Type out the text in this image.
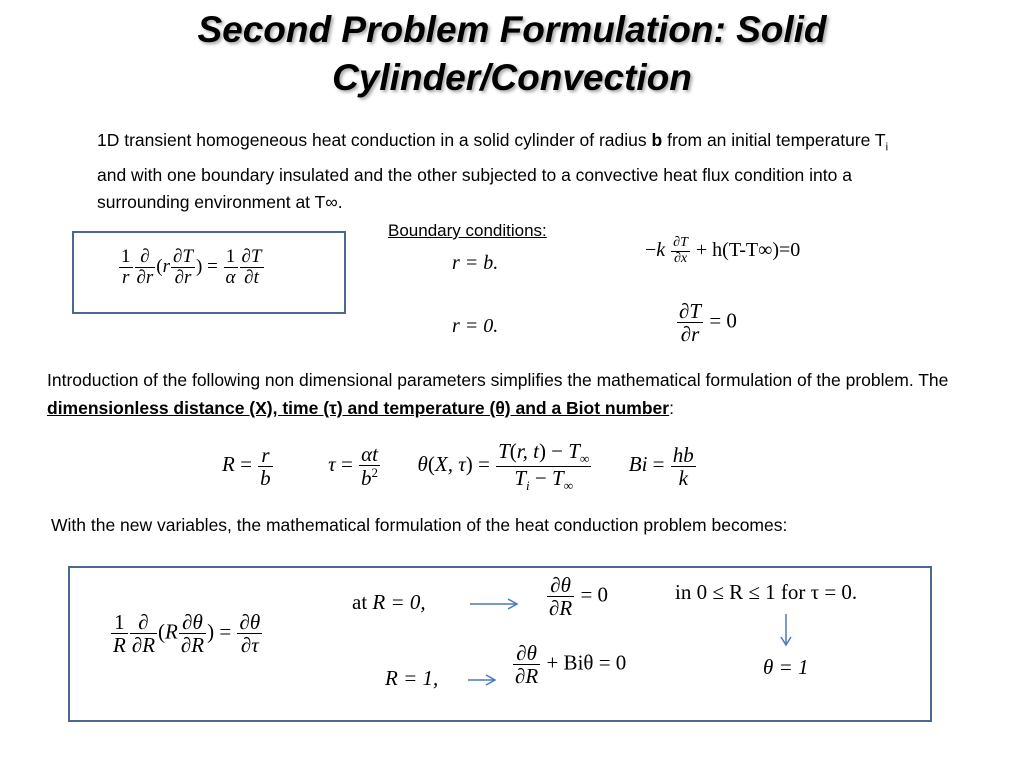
Second Problem Formulation: Solid
Cylinder/Convection
1D transient homogeneous heat conduction in a solid cylinder of radius b from an initial temperature $T_i$ and with one boundary insulated and the other subjected to a convective heat flux condition into a surrounding environment at T∞.
$\frac{1}{r} \frac{\partial}{\partial r} (r \frac{\partial T}{\partial r}$ ) = $\frac{1}{\alpha} \frac{\partial T}{\partial t}$
Boundary conditions:
r = b.
$-k \frac{\partial T}{\partial x} + h(T-T\infty)=0$
r = 0.	$\frac{\partial T}{\partial r} = 0$
Introduction of the following non dimensional parameters simplifies the mathematical formulation of the problem. The dimensionless distance (X), time (τ) and temperature (θ) and a Biot number:
$R = \frac{r}{b}$ $\tau = \frac{\alpha t}{b^2} \theta(X$, $\tau) = \frac{T(r, t) - T_\infty}{T_i - T_\infty}$ $Bi = \frac{hb}{k}$
With the new variables, the mathematical formulation of the heat conduction problem becomes:
$\frac{1}{R} \frac{\partial}{\partial R} (R \frac{\partial\theta}{\partial R}$ ) = $\frac{\partial\theta}{\partial\tau}$
at R = 0,	$\frac{\partial\theta}{\partial R} = 0$	in 0 ≤ R ≤ 1 for τ = 0.
R = 1,	$\frac{\partial\theta}{\partial R} + Bi\theta = 0$	θ = 1
